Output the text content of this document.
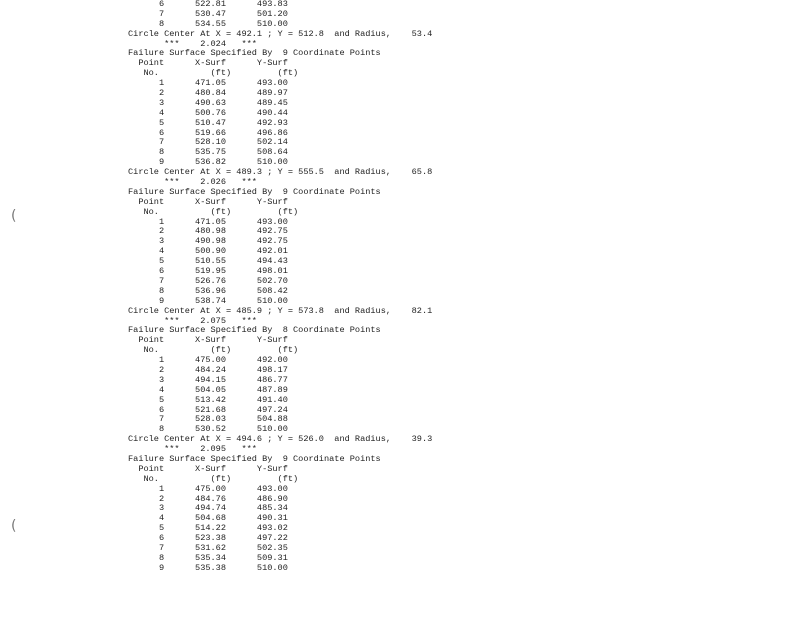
6      522.81      493.83
7      530.47      501.20
8      534.55      510.00
Circle Center At X = 492.1 ; Y = 512.8  and Radius,    53.4
***    2.024   ***
Failure Surface Specified By  9 Coordinate Points
Point      X-Surf      Y-Surf
No.          (ft)         (ft)
1      471.05      493.00
2      480.84      489.97
3      490.63      489.45
4      500.76      490.44
5      510.47      492.93
6      519.66      496.86
7      528.10      502.14
8      535.75      508.64
9      536.82      510.00
Circle Center At X = 489.3 ; Y = 555.5  and Radius,    65.8
***    2.026   ***
Failure Surface Specified By  9 Coordinate Points
Point      X-Surf      Y-Surf
No.          (ft)         (ft)
1      471.05      493.00
2      480.98      492.75
3      490.98      492.75
4      500.90      492.01
5      510.55      494.43
6      519.95      498.01
7      526.76      502.70
8      536.96      508.42
9      538.74      510.00
Circle Center At X = 485.9 ; Y = 573.8  and Radius,    82.1
***    2.075   ***
Failure Surface Specified By  8 Coordinate Points
Point      X-Surf      Y-Surf
No.          (ft)         (ft)
1      475.00      492.00
2      484.24      498.17
3      494.15      486.77
4      504.05      487.89
5      513.42      491.40
6      521.68      497.24
7      528.03      504.88
8      530.52      510.00
Circle Center At X = 494.6 ; Y = 526.0  and Radius,    39.3
***    2.095   ***
Failure Surface Specified By  9 Coordinate Points
Point      X-Surf      Y-Surf
No.          (ft)         (ft)
1      475.00      493.00
2      484.76      486.90
3      494.74      485.34
4      504.68      490.31
5      514.22      493.02
6      523.38      497.22
7      531.62      502.35
8      535.34      509.31
9      535.38      510.00
(
(
